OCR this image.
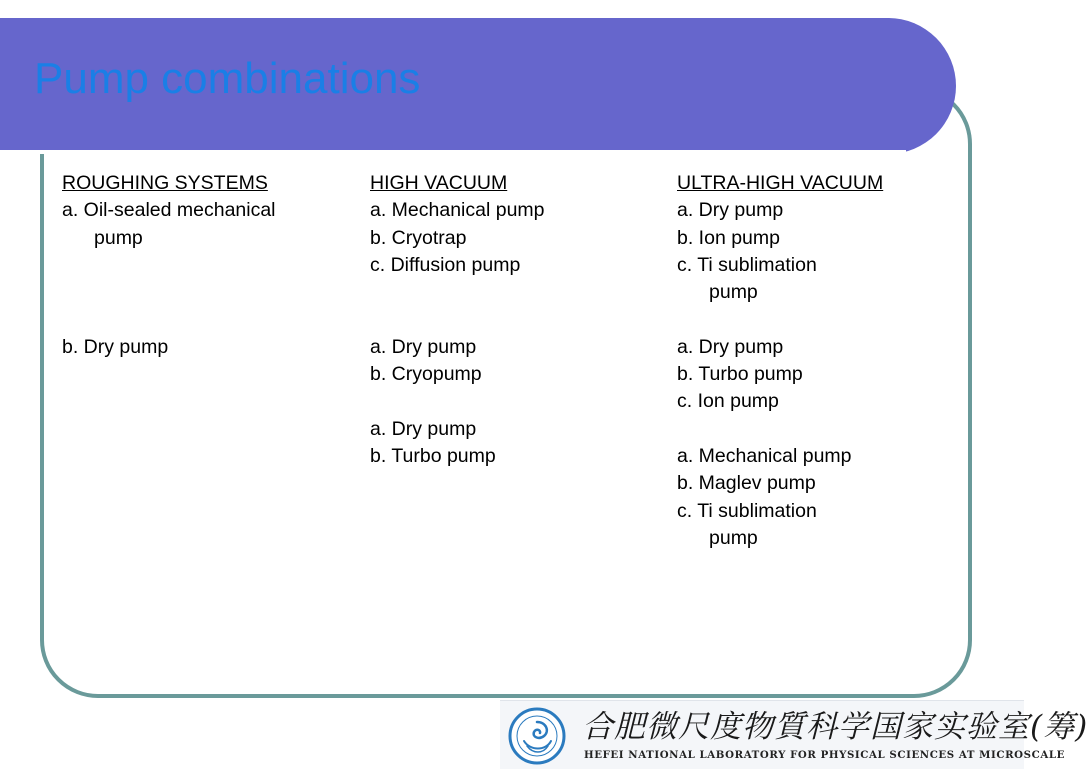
Pump combinations
ROUGHING SYSTEMS
a. Oil-sealed mechanical
pump
b. Dry pump
HIGH VACUUM
a. Mechanical pump
b. Cryotrap
c. Diffusion pump
a. Dry pump
b. Cryopump
a. Dry pump
b. Turbo pump
ULTRA-HIGH VACUUM
a. Dry pump
b. Ion pump
c. Ti sublimation
pump
a. Dry pump
b. Turbo pump
c. Ion pump
a. Mechanical pump
b. Maglev pump
c. Ti sublimation
pump
合肥微尺度物質科学国家实验室(筹)
HEFEI NATIONAL LABORATORY FOR PHYSICAL SCIENCES AT MICROSCALE
